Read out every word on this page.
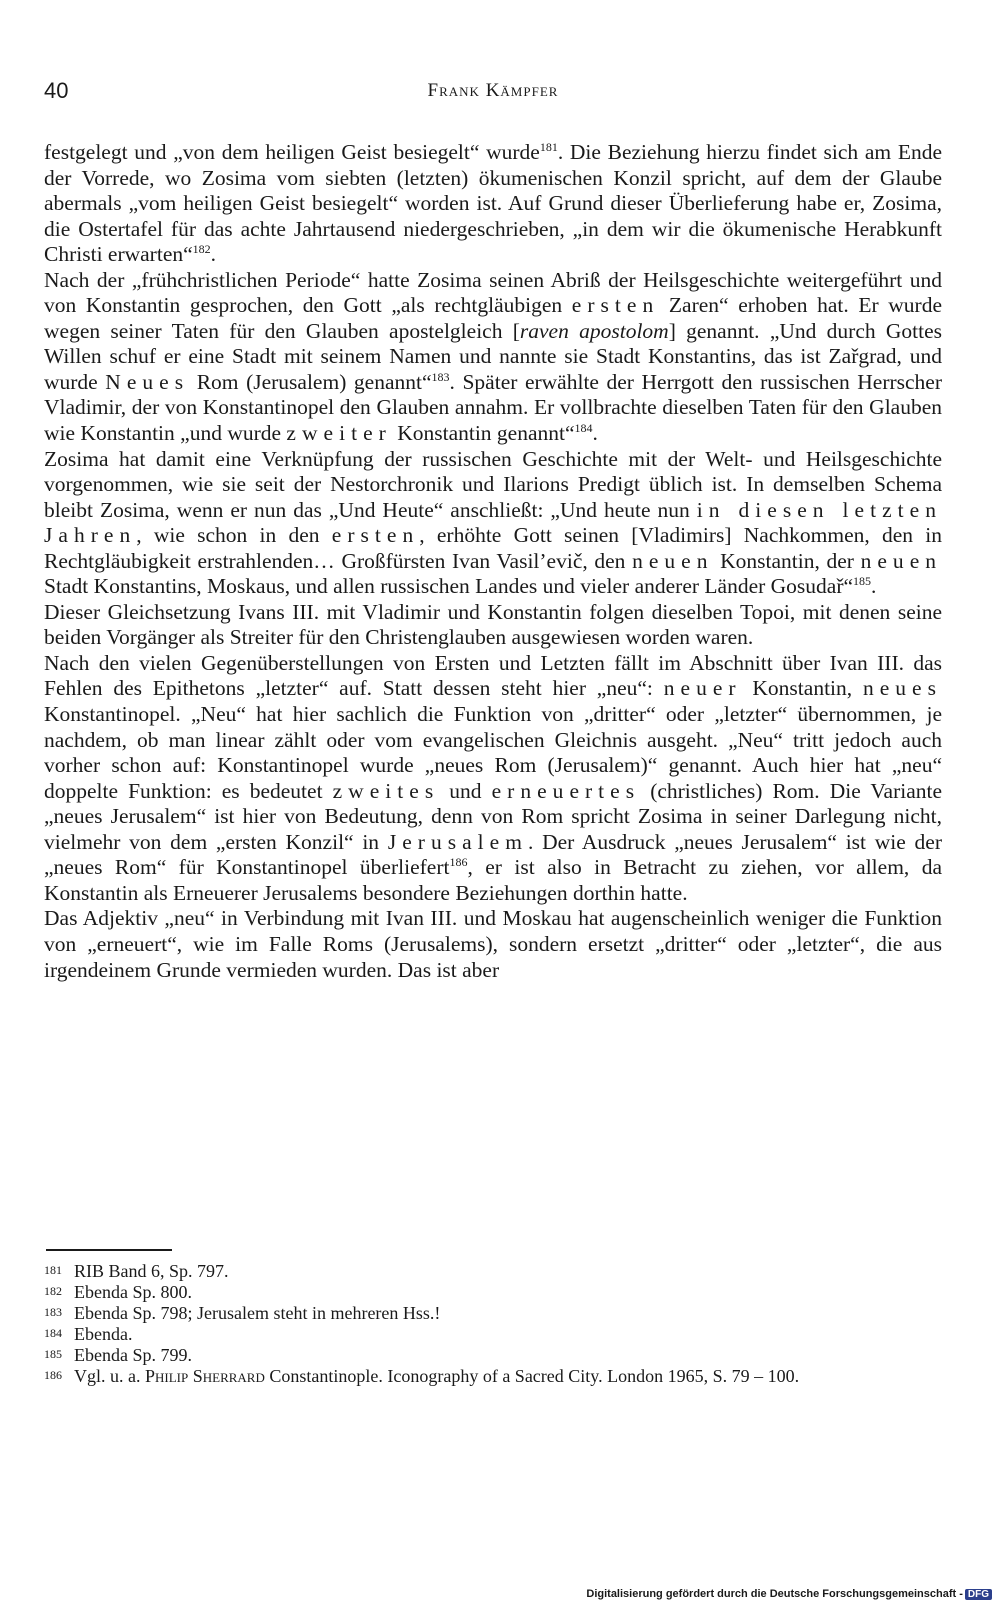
40	Frank Kämpfer

festgelegt und „von dem heiligen Geist besiegelt“ wurde$^{181}$. Die Beziehung hierzu findet sich am Ende der Vorrede, wo Zosima vom siebten (letzten) ökumenischen Konzil spricht, auf dem der Glaube abermals „vom heiligen Geist besiegelt“ worden ist. Auf Grund dieser Überlieferung habe er, Zosima, die Ostertafel für das achte Jahrtausend niedergeschrieben, „in dem wir die ökumenische Herabkunft Christi erwarten“$^{182}$.

Nach der „frühchristlichen Periode“ hatte Zosima seinen Abriß der Heilsgeschichte weitergeführt und von Konstantin gesprochen, den Gott „als rechtgläubigen ersten Zaren“ erhoben hat. Er wurde wegen seiner Taten für den Glauben apostelgleich [raven apostolom] genannt. „Und durch Gottes Willen schuf er eine Stadt mit seinem Namen und nannte sie Stadt Konstantins, das ist Zařgrad, und wurde Neues Rom (Jerusalem) genannt“$^{183}$. Später erwählte der Herrgott den russischen Herrscher Vladimir, der von Konstantinopel den Glauben annahm. Er vollbrachte dieselben Taten für den Glauben wie Konstantin „und wurde zweiter Konstantin genannt“$^{184}$.

Zosima hat damit eine Verknüpfung der russischen Geschichte mit der Welt- und Heilsgeschichte vorgenommen, wie sie seit der Nestorchronik und Ilarions Predigt üblich ist. In demselben Schema bleibt Zosima, wenn er nun das „Und Heute“ anschließt: „Und heute nun in diesen letzten Jahren, wie schon in den ersten, erhöhte Gott seinen [Vladimirs] Nachkommen, den in Rechtgläubigkeit erstrahlenden… Großfürsten Ivan Vasil’evič, den neuen Konstantin, der neuen Stadt Konstantins, Moskaus, und allen russischen Landes und vieler anderer Länder Gosudař“$^{185}$.

Dieser Gleichsetzung Ivans III. mit Vladimir und Konstantin folgen dieselben Topoi, mit denen seine beiden Vorgänger als Streiter für den Christenglauben ausgewiesen worden waren.

Nach den vielen Gegenüberstellungen von Ersten und Letzten fällt im Abschnitt über Ivan III. das Fehlen des Epithetons „letzter“ auf. Statt dessen steht hier „neu“: neuer Konstantin, neues Konstantinopel. „Neu“ hat hier sachlich die Funktion von „dritter“ oder „letzter“ übernommen, je nachdem, ob man linear zählt oder vom evangelischen Gleichnis ausgeht. „Neu“ tritt jedoch auch vorher schon auf: Konstantinopel wurde „neues Rom (Jerusalem)“ genannt. Auch hier hat „neu“ doppelte Funktion: es bedeutet zweites und erneuertes (christliches) Rom. Die Variante „neues Jerusalem“ ist hier von Bedeutung, denn von Rom spricht Zosima in seiner Darlegung nicht, vielmehr von dem „ersten Konzil“ in Jerusalem. Der Ausdruck „neues Jerusalem“ ist wie der „neues Rom“ für Konstantinopel überliefert$^{186}$, er ist also in Betracht zu ziehen, vor allem, da Konstantin als Erneuerer Jerusalems besondere Beziehungen dorthin hatte.

Das Adjektiv „neu“ in Verbindung mit Ivan III. und Moskau hat augenscheinlich weniger die Funktion von „erneuert“, wie im Falle Roms (Jerusalems), sondern ersetzt „dritter“ oder „letzter“, die aus irgendeinem Grunde vermieden wurden. Das ist aber

181 RIB Band 6, Sp. 797.

182 Ebenda Sp. 800.

183 Ebenda Sp. 798; Jerusalem steht in mehreren Hss.!

184 Ebenda.

185 Ebenda Sp. 799.

186 Vgl. u. a. Philip Sherrard Constantinople. Iconography of a Sacred City. London 1965, S. 79 – 100.

Digitalisierung gefördert durch die Deutsche Forschungsgemeinschaft - DFG
